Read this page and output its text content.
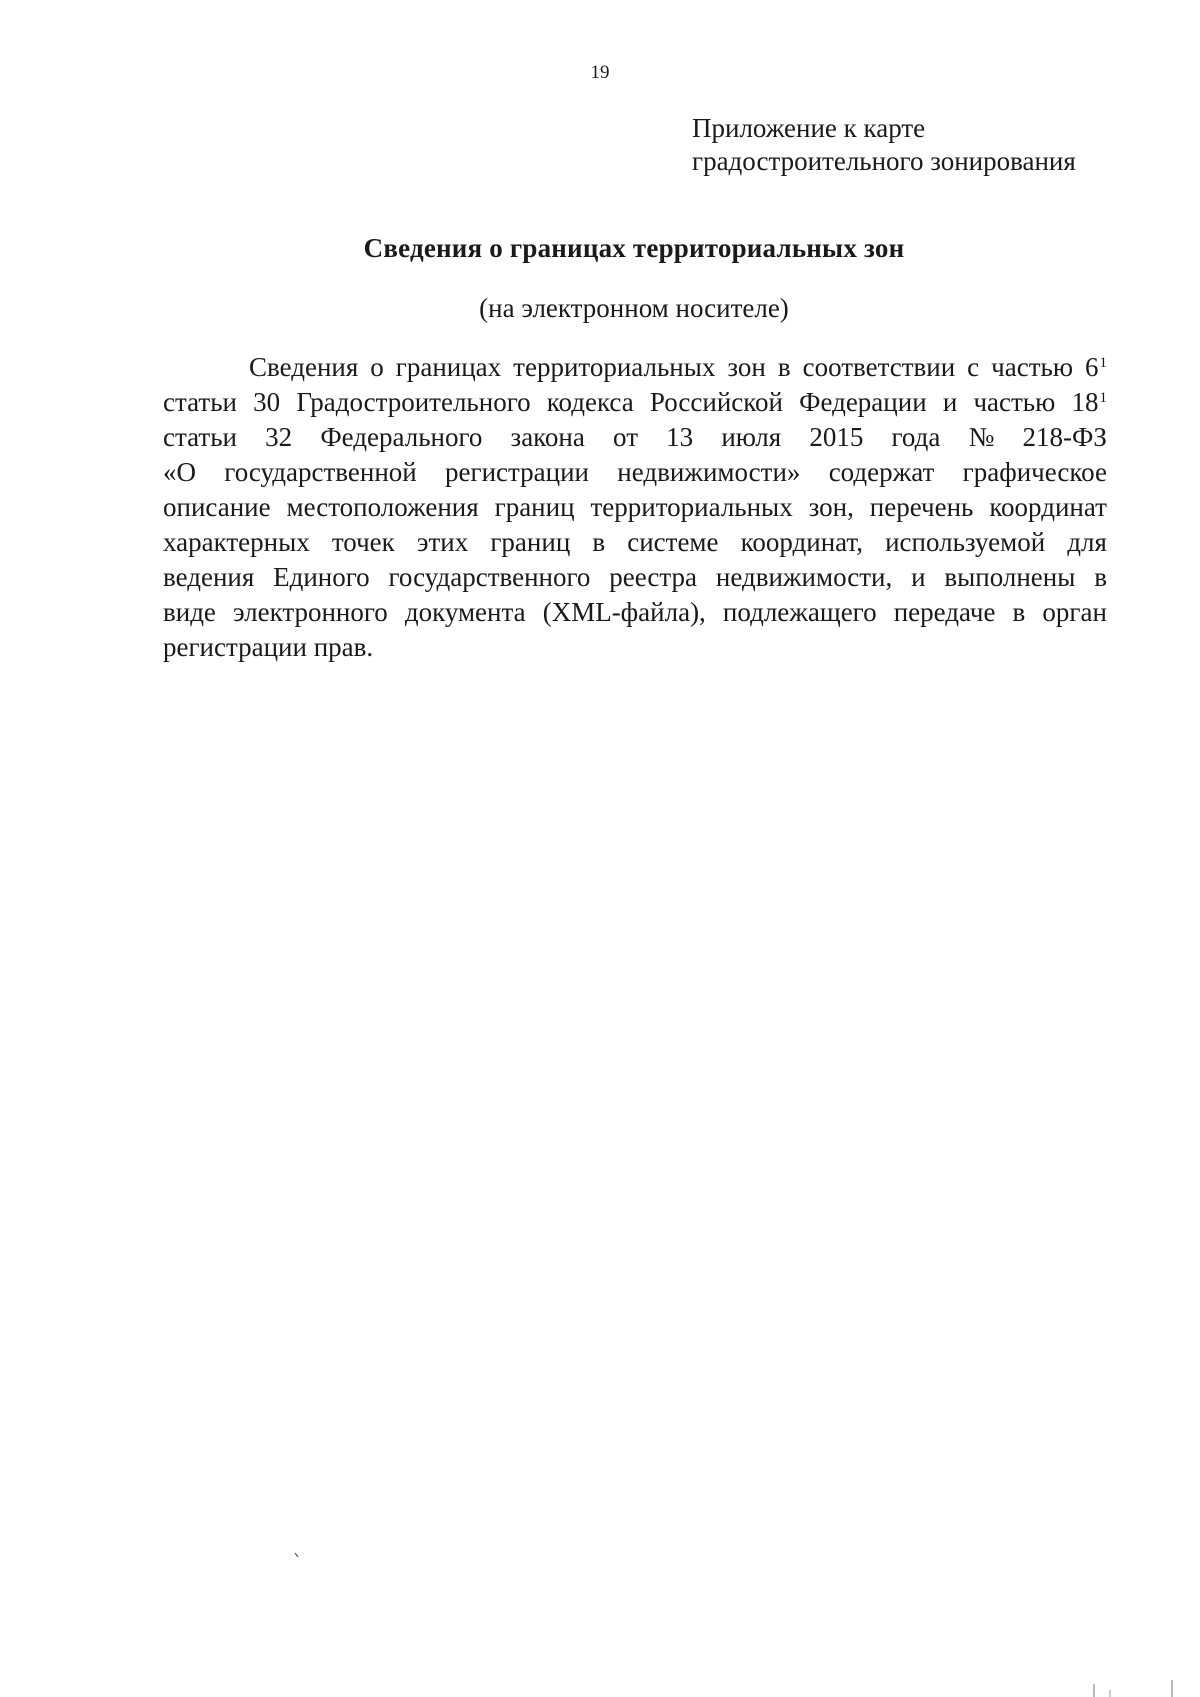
19
Приложение к карте
градостроительного зонирования
Сведения о границах территориальных зон
(на электронном носителе)
Сведения о границах территориальных зон в соответствии с частью $6^1$
статьи 30 Градостроительного кодекса Российской Федерации и частью $18^1$
статьи 32 Федерального закона от 13 июля 2015 года № 218-ФЗ
«О государственной регистрации недвижимости» содержат графическое
описание местоположения границ территориальных зон, перечень координат
характерных точек этих границ в системе координат, используемой для
ведения Единого государственного реестра недвижимости, и выполнены в
виде электронного документа (XML-файла), подлежащего передаче в орган
регистрации прав.
